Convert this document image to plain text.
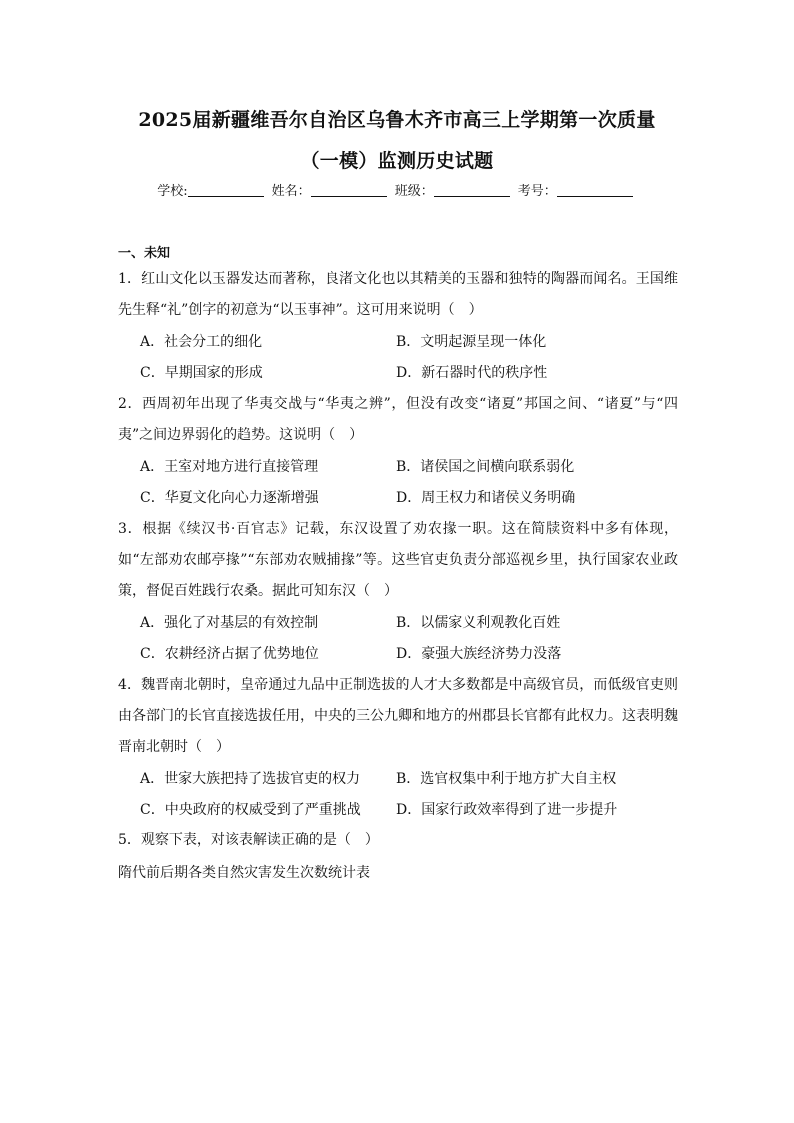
2025届新疆维吾尔自治区乌鲁木齐市高三上学期第一次质量
（一模）监测历史试题
学校:	姓名：	班级：	考号：
一、未知
1．红山文化以玉器发达而著称，良渚文化也以其精美的玉器和独特的陶器而闻名。王国维先生释“礼”创字的初意为“以玉事神”。这可用来说明（　）
A．社会分工的细化	B．文明起源呈现一体化
C．早期国家的形成	D．新石器时代的秩序性
2．西周初年出现了华夷交战与“华夷之辨”，但没有改变“诸夏”邦国之间、“诸夏”与“四夷”之间边界弱化的趋势。这说明（　）
A．王室对地方进行直接管理	B．诸侯国之间横向联系弱化
C．华夏文化向心力逐渐增强	D．周王权力和诸侯义务明确
3．根据《续汉书·百官志》记载，东汉设置了劝农掾一职。这在简牍资料中多有体现，如“左部劝农邮亭掾”“东部劝农贼捕掾”等。这些官吏负责分部巡视乡里，执行国家农业政策，督促百姓践行农桑。据此可知东汉（　）
A．强化了对基层的有效控制	B．以儒家义利观教化百姓
C．农耕经济占据了优势地位	D．豪强大族经济势力没落
4．魏晋南北朝时，皇帝通过九品中正制选拔的人才大多数都是中高级官员，而低级官吏则由各部门的长官直接选拔任用，中央的三公九卿和地方的州郡县长官都有此权力。这表明魏晋南北朝时（　）
A．世家大族把持了选拔官吏的权力	B．选官权集中利于地方扩大自主权
C．中央政府的权威受到了严重挑战	D．国家行政效率得到了进一步提升
5．观察下表，对该表解读正确的是（　）
隋代前后期各类自然灾害发生次数统计表
